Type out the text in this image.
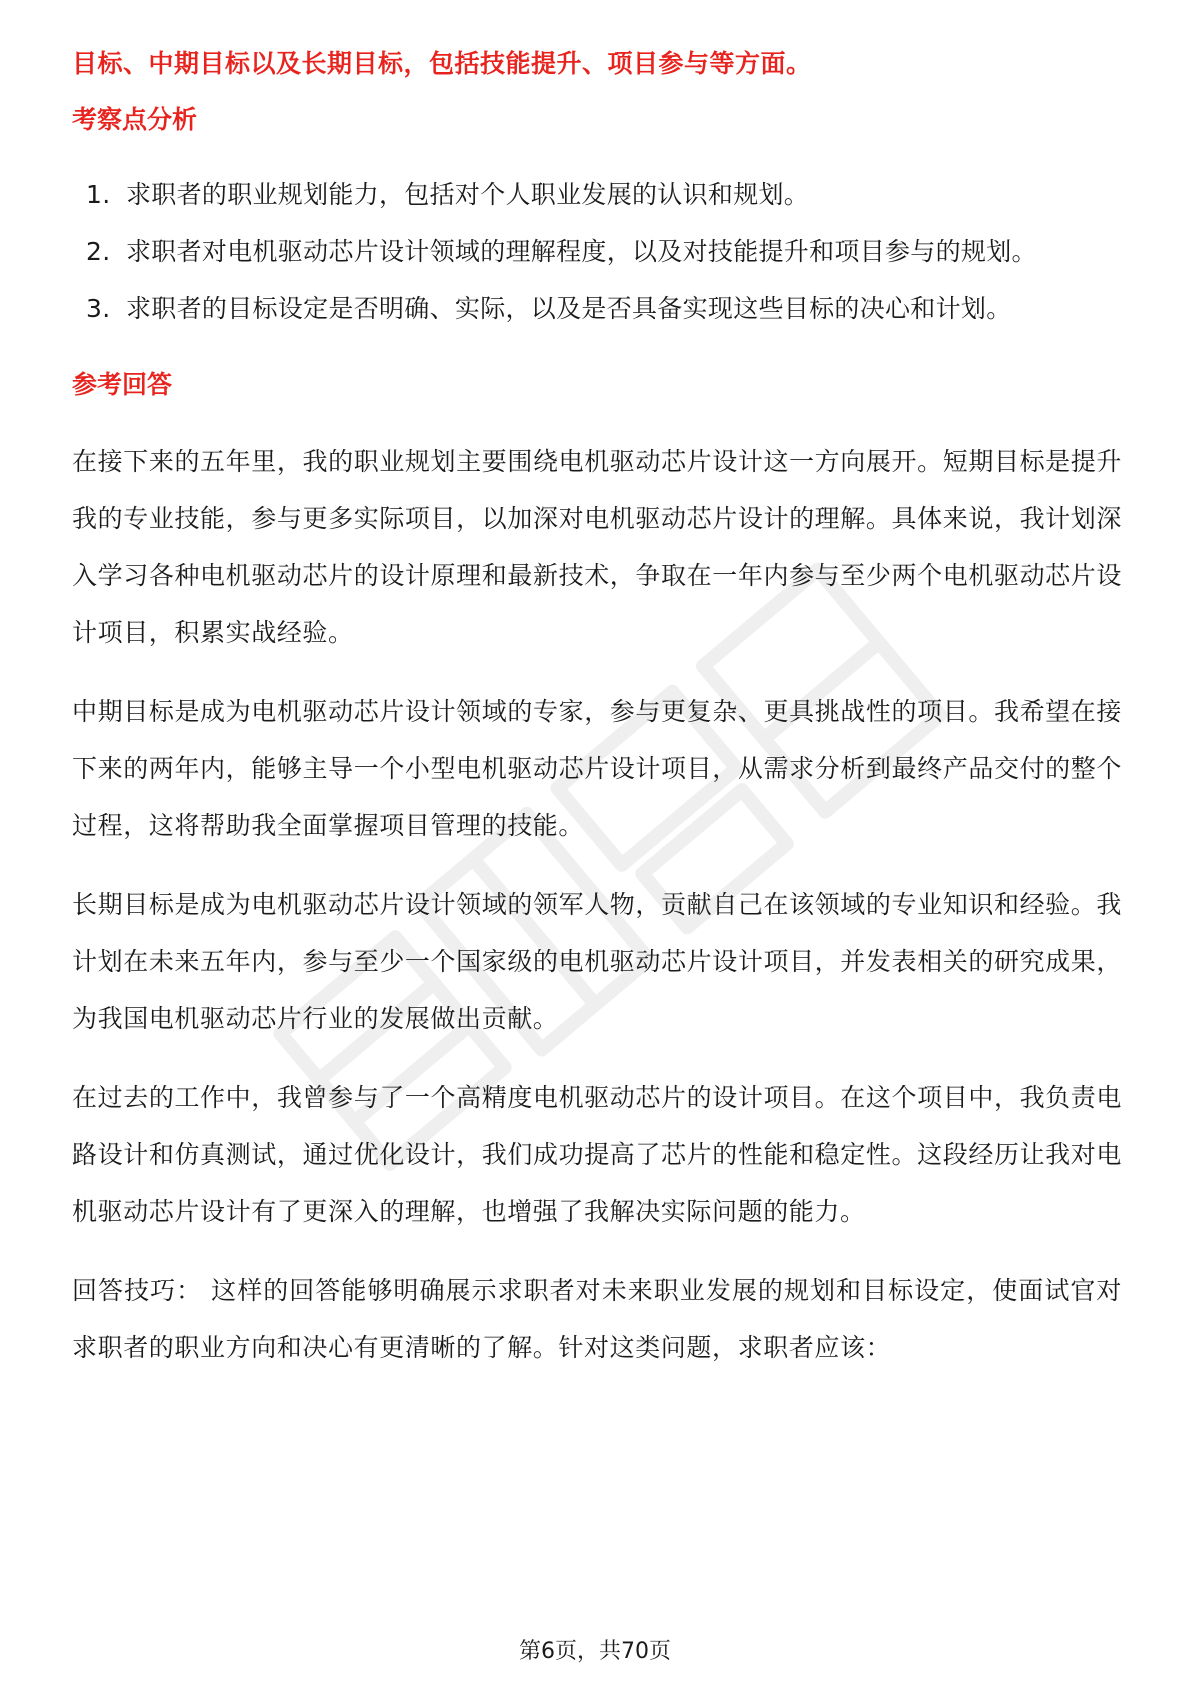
目标、中期目标以及长期目标，包括技能提升、项目参与等方面。

考察点分析
1. 求职者的职业规划能力，包括对个人职业发展的认识和规划。
2. 求职者对电机驱动芯片设计领域的理解程度，以及对技能提升和项目参与的规划。
3. 求职者的目标设定是否明确、实际，以及是否具备实现这些目标的决心和计划。
参考回答

在接下来的五年里，我的职业规划主要围绕电机驱动芯片设计这一方向展开。短期目标是提升我的专业技能，参与更多实际项目，以加深对电机驱动芯片设计的理解。具体来说，我计划深入学习各种电机驱动芯片的设计原理和最新技术，争取在一年内参与至少两个电机驱动芯片设计项目，积累实战经验。

中期目标是成为电机驱动芯片设计领域的专家，参与更复杂、更具挑战性的项目。我希望在接下来的两年内，能够主导一个小型电机驱动芯片设计项目，从需求分析到最终产品交付的整个过程，这将帮助我全面掌握项目管理的技能。

长期目标是成为电机驱动芯片设计领域的领军人物，贡献自己在该领域的专业知识和经验。我计划在未来五年内，参与至少一个国家级的电机驱动芯片设计项目，并发表相关的研究成果，为我国电机驱动芯片行业的发展做出贡献。

在过去的工作中，我曾参与了一个高精度电机驱动芯片的设计项目。在这个项目中，我负责电路设计和仿真测试，通过优化设计，我们成功提高了芯片的性能和稳定性。这段经历让我对电机驱动芯片设计有了更深入的理解，也增强了我解决实际问题的能力。

回答技巧： 这样的回答能够明确展示求职者对未来职业发展的规划和目标设定，使面试官对求职者的职业方向和决心有更清晰的了解。针对这类问题，求职者应该：

第6页，共70页
